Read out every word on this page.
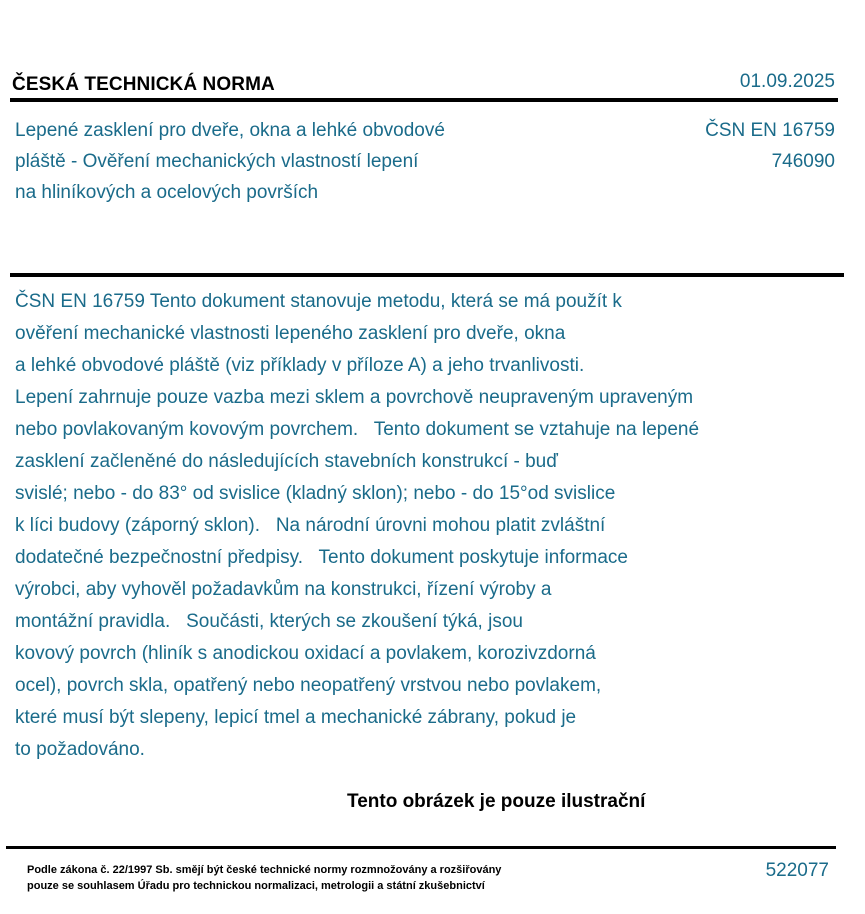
ČESKÁ TECHNICKÁ NORMA	01.09.2025
Lepené zasklení pro dveře, okna a lehké obvodové
pláště - Ověření mechanických vlastností lepení
na hliníkových a ocelových površích
ČSN EN 16759
746090
ČSN EN 16759 Tento dokument stanovuje metodu, která se má použít k
ověření mechanické vlastnosti lepeného zasklení pro dveře, okna
a lehké obvodové pláště (viz příklady v příloze A) a jeho trvanlivosti.
Lepení zahrnuje pouze vazba mezi sklem a povrchově neupraveným upraveným
nebo povlakovaným kovovým povrchem.   Tento dokument se vztahuje na lepené
zasklení začleněné do následujících stavebních konstrukcí - buď
svislé; nebo - do 83° od svislice (kladný sklon); nebo - do 15°od svislice
k líci budovy (záporný sklon).   Na národní úrovni mohou platit zvláštní
dodatečné bezpečnostní předpisy.   Tento dokument poskytuje informace
výrobci, aby vyhověl požadavkům na konstrukci, řízení výroby a
montážní pravidla.   Součásti, kterých se zkoušení týká, jsou
kovový povrch (hliník s anodickou oxidací a povlakem, korozivzdorná
ocel), povrch skla, opatřený nebo neopatřený vrstvou nebo povlakem,
které musí být slepeny, lepicí tmel a mechanické zábrany, pokud je
to požadováno.
Tento obrázek je pouze ilustrační
Podle zákona č. 22/1997 Sb. smějí být české technické normy rozmnožovány a rozšiřovány
pouze se souhlasem Úřadu pro technickou normalizaci, metrologii a státní zkušebnictví
522077
